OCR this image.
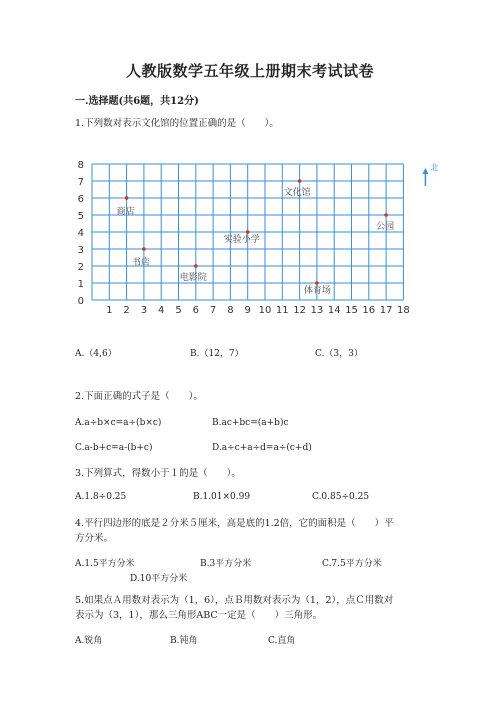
人教版数学五年级上册期末考试试卷
一.选择题(共6题，共12分)
1.下列数对表示文化馆的位置正确的是（　　）。
1 2 3 4 5 6 7 8 9 10 11 12 13 14 15 16 17 18
0
1
2
3
4
5
6
7
8
商店
书店
电影院
实验小学
文化馆
公园
体育场
北
A.（4,6）	B.（12，7）	C.（3，3）
2.下面正确的式子是（　　）。
A.a÷b×c=a÷(b×c)	B.ac+bc=(a+b)c
C.a-b+c=a-(b+c)	D.a÷c+a÷d=a÷(c+d)
3.下列算式，得数小于１的是（　　）。
A.1.8÷0.25	B.1.01×0.99	C.0.85÷0.25
4.平行四边形的底是２分米５厘米，高是底的1.2倍，它的面积是（　　）平
方分米。
A.1.5平方分米	B.3平方分米	C.7.5平方分米
D.10平方分米
5.如果点Ａ用数对表示为（1，6），点Ｂ用数对表示为（1，2），点Ｃ用数对
表示为（3，1），那么三角形ABC一定是（　　）三角形。
A.锐角	B.钝角	C.直角
